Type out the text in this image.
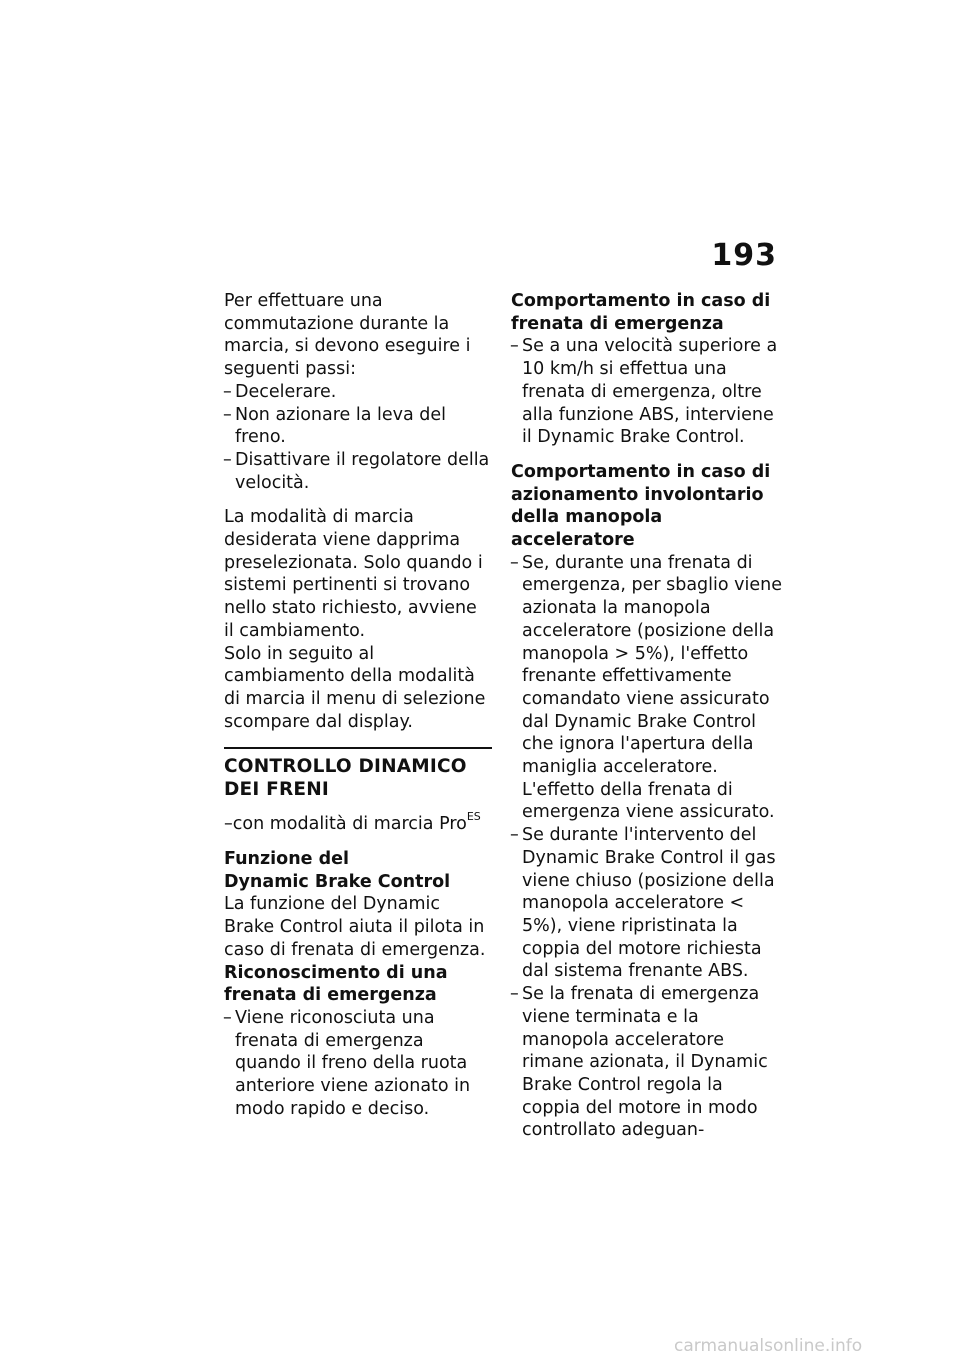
193

Per effettuare una commutazione durante la marcia, si devono eseguire i seguenti passi:

– Decelerare.
– Non azionare la leva del freno.
– Disattivare il regolatore della velocità.

La modalità di marcia desiderata viene dapprima preselezionata. Solo quando i sistemi pertinenti si trovano nello stato richiesto, avviene il cambiamento.

Solo in seguito al cambiamento della modalità di marcia il menu di selezione scompare dal display.

CONTROLLO DINAMICO DEI FRENI

–con modalità di marcia Pro$^{ES}$

Funzione del
Dynamic Brake Control

La funzione del Dynamic Brake Control aiuta il pilota in caso di frenata di emergenza.

Riconoscimento di una frenata di emergenza

– Viene riconosciuta una frenata di emergenza quando il freno della ruota anteriore viene azionato in modo rapido e deciso.

Comportamento in caso di frenata di emergenza

– Se a una velocità superiore a 10 km/h si effettua una frenata di emergenza, oltre alla funzione ABS, interviene il Dynamic Brake Control.

Comportamento in caso di azionamento involontario della manopola acceleratore

– Se, durante una frenata di emergenza, per sbaglio viene azionata la manopola acceleratore (posizione della manopola > 5%), l'effetto frenante effettivamente comandato viene assicurato dal Dynamic Brake Control che ignora l'apertura della maniglia acceleratore. L'effetto della frenata di emergenza viene assicurato.
– Se durante l'intervento del Dynamic Brake Control il gas viene chiuso (posizione della manopola acceleratore < 5%), viene ripristinata la coppia del motore richiesta dal sistema frenante ABS.
– Se la frenata di emergenza viene terminata e la manopola acceleratore rimane azionata, il Dynamic Brake Control regola la coppia del motore in modo controllato adeguan-
carmanualsonline.info
